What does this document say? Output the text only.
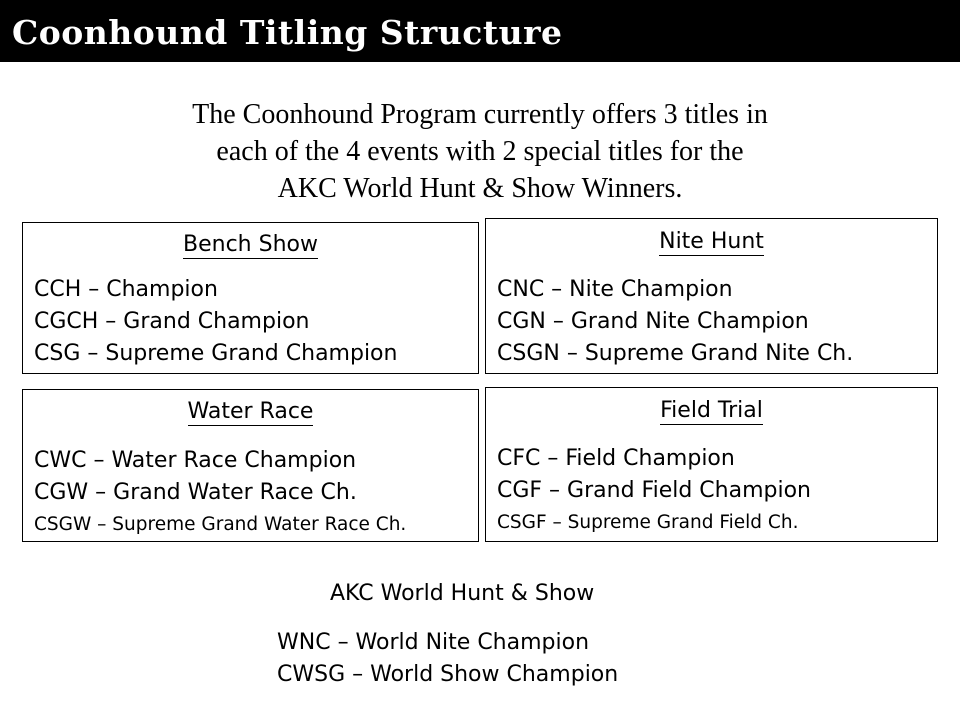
Coonhound Titling Structure
The Coonhound Program currently offers 3 titles in
each of the 4 events with 2 special titles for the
AKC World Hunt & Show Winners.
Bench Show
CCH – Champion
CGCH – Grand Champion
CSG – Supreme Grand Champion
Nite Hunt
CNC – Nite Champion
CGN – Grand Nite Champion
CSGN – Supreme Grand Nite Ch.
Water Race
CWC – Water Race Champion
CGW – Grand Water Race Ch.
CSGW – Supreme Grand Water Race Ch.
Field Trial
CFC – Field Champion
CGF – Grand Field Champion
CSGF – Supreme Grand Field Ch.
AKC World Hunt & Show
WNC – World Nite Champion
CWSG – World Show Champion
